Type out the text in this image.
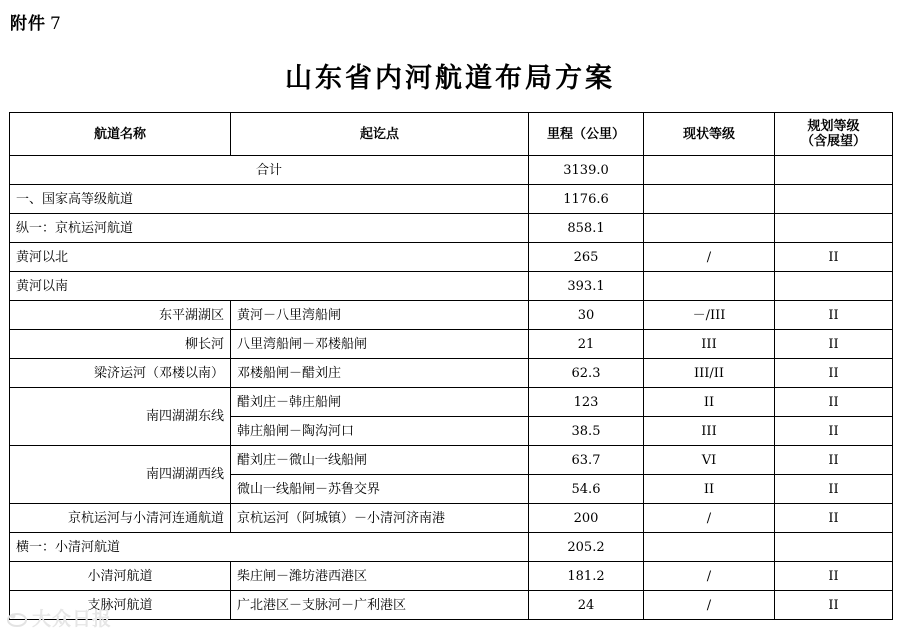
附件 7
山东省内河航道布局方案
航道名称	起讫点	里程（公里）	现状等级	规划等级
（含展望）
合计		3139.0		
一、国家高等级航道		1176.6		
纵一：京杭运河航道		858.1		
黄河以北		265	/	II
黄河以南		393.1		
东平湖湖区	黄河－八里湾船闸	30	－/III	II
柳长河	八里湾船闸－邓楼船闸	21	III	II
梁济运河（邓楼以南）	邓楼船闸－醋刘庄	62.3	III/II	II
南四湖湖东线	醋刘庄－韩庄船闸	123	II	II
	韩庄船闸－陶沟河口	38.5	III	II
南四湖湖西线	醋刘庄－微山一线船闸	63.7	VI	II
	微山一线船闸－苏鲁交界	54.6	II	II
京杭运河与小清河连通航道	京杭运河（阿城镇）－小清河济南港	200	/	II
横一：小清河航道		205.2		
小清河航道	柴庄闸－潍坊港西港区	181.2	/	II
支脉河航道	广北港区－支脉河－广利港区	24	/	II
大众日报
